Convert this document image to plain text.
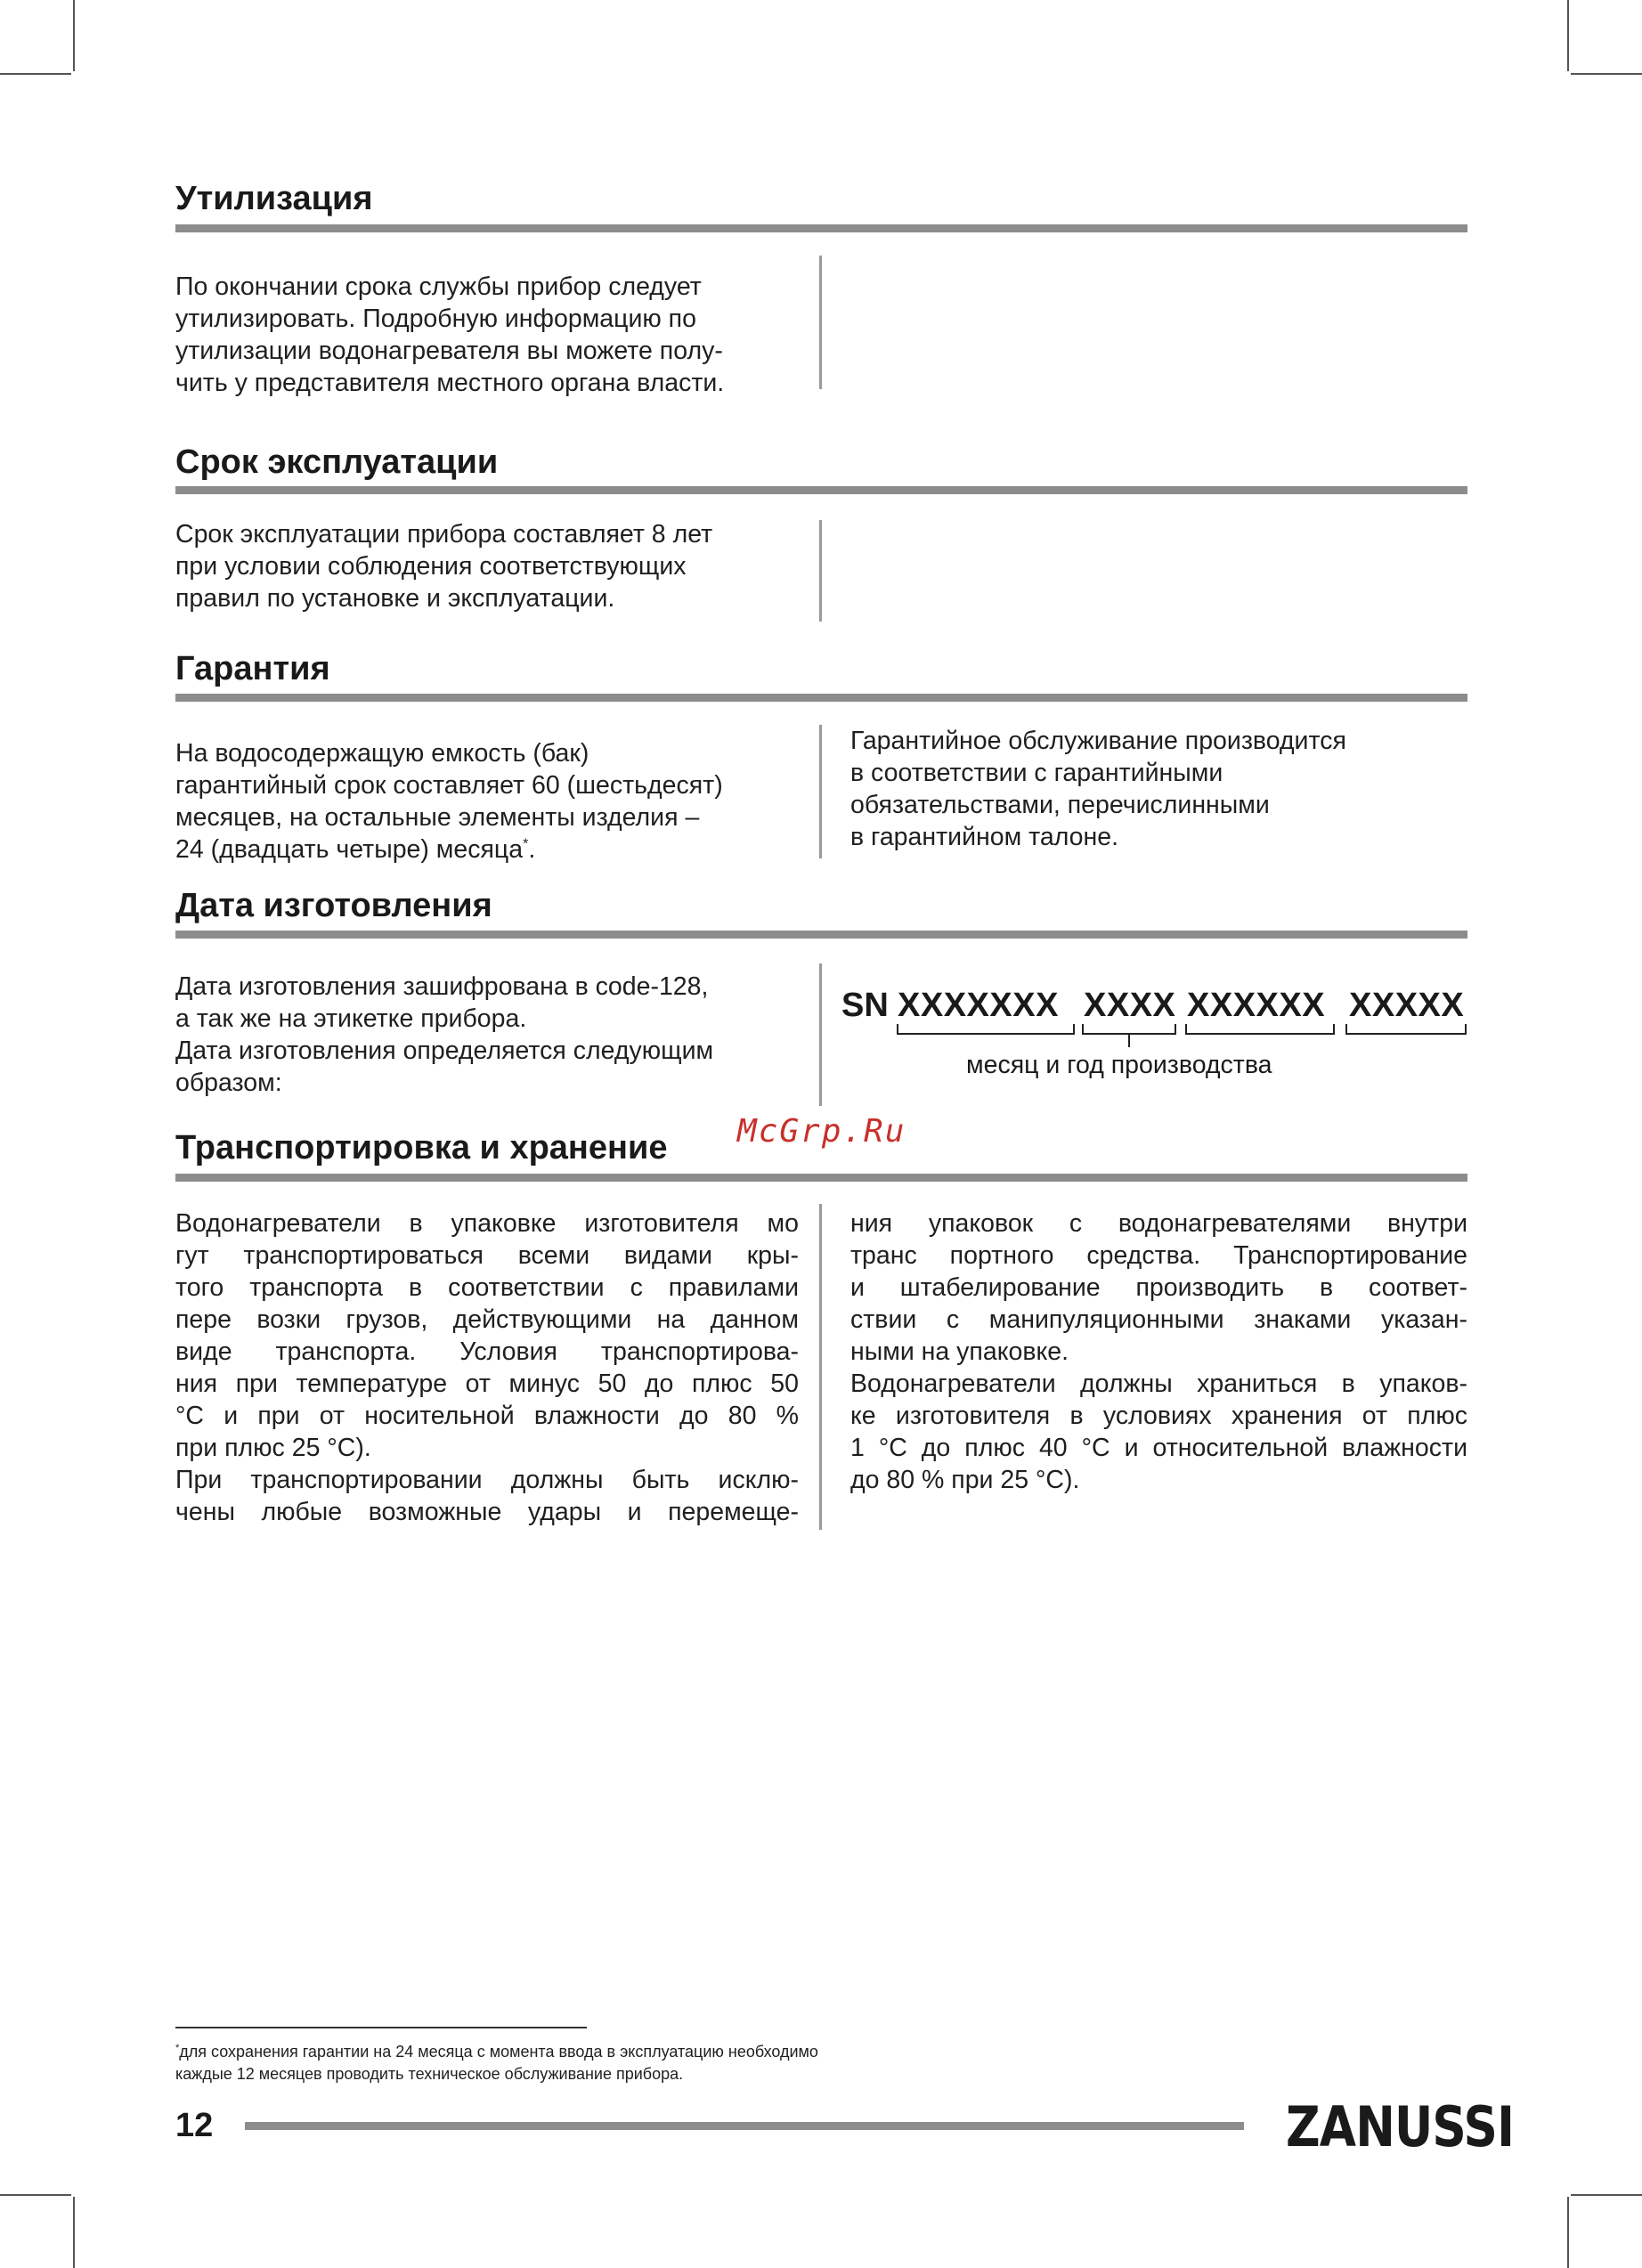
Утилизация
По окончании срока службы прибор следует
утилизировать. Подробную информацию по
утилизации водонагревателя вы можете полу-
чить у представителя местного органа власти.
Срок эксплуатации
Срок эксплуатации прибора составляет 8 лет
при условии соблюдения соответствующих
правил по установке и эксплуатации.
Гарантия
На водосодержащую емкость (бак)
гарантийный срок составляет 60 (шестьдесят)
месяцев, на остальные элементы изделия –
24 (двадцать четыре) месяца*.
Гарантийное обслуживание производится
в соответствии с гарантийными
обязательствами, перечислинными
в гарантийном талоне.
Дата изготовления
Дата изготовления зашифрована в code-128,
а так же на этикетке прибора.
Дата изготовления определяется следующим
образом:
SN XXXXXXX XXXX XXXXXX XXXXX
месяц и год производства
McGrp.Ru
Транспортировка и хранение
Водонагреватели в упаковке изготовителя мо
гут транспортироваться всеми видами кры-
того транспорта в соответствии с правилами
пере возки грузов, действующими на данном
виде транспорта. Условия транспортирова-
ния при температуре от минус 50 до плюс 50
°С и при от носительной влажности до 80 %
при плюс 25 °С).
При транспортировании должны быть исклю-
чены любые возможные удары и перемеще-
ния упаковок с водонагревателями внутри
транс портного средства. Транспортирование
и штабелирование производить в соответ-
ствии с манипуляционными знаками указан-
ными на упаковке.
Водонагреватели должны храниться в упаков-
ке изготовителя в условиях хранения от плюс
1 °С до плюс 40 °С и относительной влажности
до 80 % при 25 °С).
*для сохранения гарантии на 24 месяца с момента ввода в эксплуатацию необходимо
каждые 12 месяцев проводить техническое обслуживание прибора.
12	ZANUSSI
